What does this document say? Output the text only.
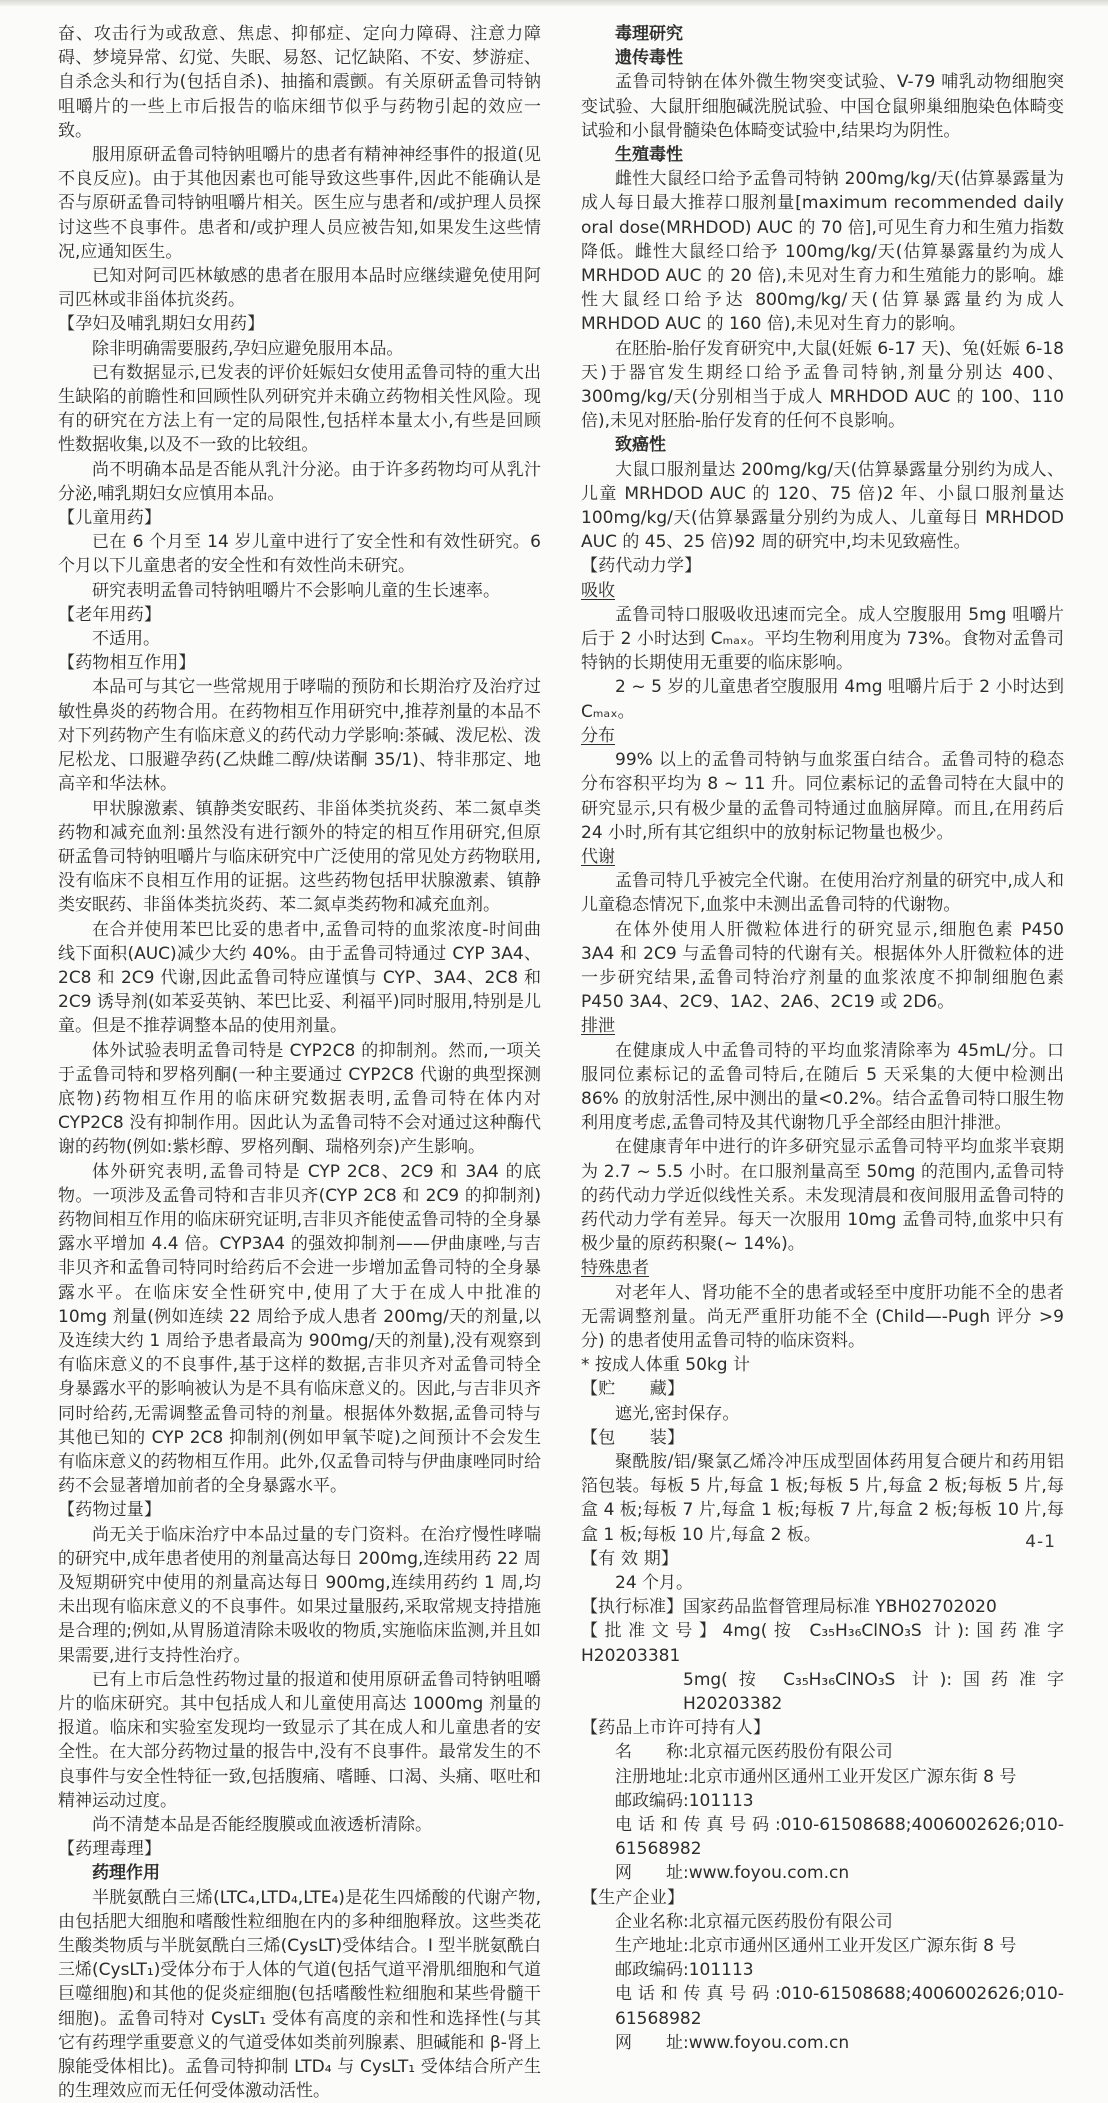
奋、攻击行为或敌意、焦虑、抑郁症、定向力障碍、注意力障碍、梦境异常、幻觉、失眠、易怒、记忆缺陷、不安、梦游症、自杀念头和行为(包括自杀)、抽搐和震颤。有关原研孟鲁司特钠咀嚼片的一些上市后报告的临床细节似乎与药物引起的效应一致。

服用原研孟鲁司特钠咀嚼片的患者有精神神经事件的报道(见不良反应)。由于其他因素也可能导致这些事件,因此不能确认是否与原研孟鲁司特钠咀嚼片相关。医生应与患者和/或护理人员探讨这些不良事件。患者和/或护理人员应被告知,如果发生这些情况,应通知医生。

已知对阿司匹林敏感的患者在服用本品时应继续避免使用阿司匹林或非甾体抗炎药。

【孕妇及哺乳期妇女用药】

除非明确需要服药,孕妇应避免服用本品。

已有数据显示,已发表的评价妊娠妇女使用孟鲁司特的重大出生缺陷的前瞻性和回顾性队列研究并未确立药物相关性风险。现有的研究在方法上有一定的局限性,包括样本量太小,有些是回顾性数据收集,以及不一致的比较组。

尚不明确本品是否能从乳汁分泌。由于许多药物均可从乳汁分泌,哺乳期妇女应慎用本品。

【儿童用药】

已在 6 个月至 14 岁儿童中进行了安全性和有效性研究。6 个月以下儿童患者的安全性和有效性尚未研究。

研究表明孟鲁司特钠咀嚼片不会影响儿童的生长速率。

【老年用药】

不适用。

【药物相互作用】

本品可与其它一些常规用于哮喘的预防和长期治疗及治疗过敏性鼻炎的药物合用。在药物相互作用研究中,推荐剂量的本品不对下列药物产生有临床意义的药代动力学影响:茶碱、泼尼松、泼尼松龙、口服避孕药(乙炔雌二醇/炔诺酮 35/1)、特非那定、地高辛和华法林。

甲状腺激素、镇静类安眠药、非甾体类抗炎药、苯二氮卓类药物和减充血剂:虽然没有进行额外的特定的相互作用研究,但原研孟鲁司特钠咀嚼片与临床研究中广泛使用的常见处方药物联用,没有临床不良相互作用的证据。这些药物包括甲状腺激素、镇静类安眠药、非甾体类抗炎药、苯二氮卓类药物和减充血剂。

在合并使用苯巴比妥的患者中,孟鲁司特的血浆浓度-时间曲线下面积(AUC)减少大约 40%。由于孟鲁司特通过 CYP 3A4、2C8 和 2C9 代谢,因此孟鲁司特应谨慎与 CYP、3A4、2C8 和 2C9 诱导剂(如苯妥英钠、苯巴比妥、利福平)同时服用,特别是儿童。但是不推荐调整本品的使用剂量。

体外试验表明孟鲁司特是 CYP2C8 的抑制剂。然而,一项关于孟鲁司特和罗格列酮(一种主要通过 CYP2C8 代谢的典型探测底物)药物相互作用的临床研究数据表明,孟鲁司特在体内对 CYP2C8 没有抑制作用。因此认为孟鲁司特不会对通过这种酶代谢的药物(例如:紫杉醇、罗格列酮、瑞格列奈)产生影响。

体外研究表明,孟鲁司特是 CYP 2C8、2C9 和 3A4 的底物。一项涉及孟鲁司特和吉非贝齐(CYP 2C8 和 2C9 的抑制剂)药物间相互作用的临床研究证明,吉非贝齐能使孟鲁司特的全身暴露水平增加 4.4 倍。CYP3A4 的强效抑制剂——伊曲康唑,与吉非贝齐和孟鲁司特同时给药后不会进一步增加孟鲁司特的全身暴露水平。在临床安全性研究中,使用了大于在成人中批准的 10mg 剂量(例如连续 22 周给予成人患者 200mg/天的剂量,以及连续大约 1 周给予患者最高为 900mg/天的剂量),没有观察到有临床意义的不良事件,基于这样的数据,吉非贝齐对孟鲁司特全身暴露水平的影响被认为是不具有临床意义的。因此,与吉非贝齐同时给药,无需调整孟鲁司特的剂量。根据体外数据,孟鲁司特与其他已知的 CYP 2C8 抑制剂(例如甲氧苄啶)之间预计不会发生有临床意义的药物相互作用。此外,仅孟鲁司特与伊曲康唑同时给药不会显著增加前者的全身暴露水平。

【药物过量】

尚无关于临床治疗中本品过量的专门资料。在治疗慢性哮喘的研究中,成年患者使用的剂量高达每日 200mg,连续用药 22 周及短期研究中使用的剂量高达每日 900mg,连续用药约 1 周,均未出现有临床意义的不良事件。如果过量服药,采取常规支持措施是合理的;例如,从胃肠道清除未吸收的物质,实施临床监测,并且如果需要,进行支持性治疗。

已有上市后急性药物过量的报道和使用原研孟鲁司特钠咀嚼片的临床研究。其中包括成人和儿童使用高达 1000mg 剂量的报道。临床和实验室发现均一致显示了其在成人和儿童患者的安全性。在大部分药物过量的报告中,没有不良事件。最常发生的不良事件与安全性特征一致,包括腹痛、嗜睡、口渴、头痛、呕吐和精神运动过度。

尚不清楚本品是否能经腹膜或血液透析清除。

【药理毒理】

药理作用

半胱氨酰白三烯(LTC₄,LTD₄,LTE₄)是花生四烯酸的代谢产物,由包括肥大细胞和嗜酸性粒细胞在内的多种细胞释放。这些类花生酸类物质与半胱氨酰白三烯(CysLT)受体结合。I 型半胱氨酰白三烯(CysLT₁)受体分布于人体的气道(包括气道平滑肌细胞和气道巨噬细胞)和其他的促炎症细胞(包括嗜酸性粒细胞和某些骨髓干细胞)。孟鲁司特对 CysLT₁ 受体有高度的亲和性和选择性(与其它有药理学重要意义的气道受体如类前列腺素、胆碱能和 β-肾上腺能受体相比)。孟鲁司特抑制 LTD₄ 与 CysLT₁ 受体结合所产生的生理效应而无任何受体激动活性。

毒理研究

遗传毒性

孟鲁司特钠在体外微生物突变试验、V-79 哺乳动物细胞突变试验、大鼠肝细胞碱洗脱试验、中国仓鼠卵巢细胞染色体畸变试验和小鼠骨髓染色体畸变试验中,结果均为阴性。

生殖毒性

雌性大鼠经口给予孟鲁司特钠 200mg/kg/天(估算暴露量为成人每日最大推荐口服剂量[maximum recommended daily oral dose(MRHDOD) AUC 的 70 倍],可见生育力和生殖力指数降低。雌性大鼠经口给予 100mg/kg/天(估算暴露量约为成人 MRHDOD AUC 的 20 倍),未见对生育力和生殖能力的影响。雄性大鼠经口给予达 800mg/kg/天(估算暴露量约为成人 MRHDOD AUC 的 160 倍),未见对生育力的影响。

在胚胎-胎仔发育研究中,大鼠(妊娠 6-17 天)、兔(妊娠 6-18 天)于器官发生期经口给予孟鲁司特钠,剂量分别达 400、300mg/kg/天(分别相当于成人 MRHDOD AUC 的 100、110 倍),未见对胚胎-胎仔发育的任何不良影响。

致癌性

大鼠口服剂量达 200mg/kg/天(估算暴露量分别约为成人、儿童 MRHDOD AUC 的 120、75 倍)2 年、小鼠口服剂量达 100mg/kg/天(估算暴露量分别约为成人、儿童每日 MRHDOD AUC 的 45、25 倍)92 周的研究中,均未见致癌性。

【药代动力学】

吸收

孟鲁司特口服吸收迅速而完全。成人空腹服用 5mg 咀嚼片后于 2 小时达到 Cₘₐₓ。平均生物利用度为 73%。食物对孟鲁司特钠的长期使用无重要的临床影响。

2 ~ 5 岁的儿童患者空腹服用 4mg 咀嚼片后于 2 小时达到 Cₘₐₓ。

分布

99% 以上的孟鲁司特钠与血浆蛋白结合。孟鲁司特的稳态分布容积平均为 8 ~ 11 升。同位素标记的孟鲁司特在大鼠中的研究显示,只有极少量的孟鲁司特通过血脑屏障。而且,在用药后 24 小时,所有其它组织中的放射标记物量也极少。

代谢

孟鲁司特几乎被完全代谢。在使用治疗剂量的研究中,成人和儿童稳态情况下,血浆中未测出孟鲁司特的代谢物。

在体外使用人肝微粒体进行的研究显示,细胞色素 P450 3A4 和 2C9 与孟鲁司特的代谢有关。根据体外人肝微粒体的进一步研究结果,孟鲁司特治疗剂量的血浆浓度不抑制细胞色素 P450 3A4、2C9、1A2、2A6、2C19 或 2D6。

排泄

在健康成人中孟鲁司特的平均血浆清除率为 45mL/分。口服同位素标记的孟鲁司特后,在随后 5 天采集的大便中检测出 86% 的放射活性,尿中测出的量<0.2%。结合孟鲁司特口服生物利用度考虑,孟鲁司特及其代谢物几乎全部经由胆汁排泄。

在健康青年中进行的许多研究显示孟鲁司特平均血浆半衰期为 2.7 ~ 5.5 小时。在口服剂量高至 50mg 的范围内,孟鲁司特的药代动力学近似线性关系。未发现清晨和夜间服用孟鲁司特的药代动力学有差异。每天一次服用 10mg 孟鲁司特,血浆中只有极少量的原药积聚(~ 14%)。

特殊患者

对老年人、肾功能不全的患者或轻至中度肝功能不全的患者无需调整剂量。尚无严重肝功能不全 (Child—-Pugh 评分 >9 分) 的患者使用孟鲁司特的临床资料。

* 按成人体重 50kg 计

【贮　　藏】

遮光,密封保存。

【包　　装】

聚酰胺/铝/聚氯乙烯冷冲压成型固体药用复合硬片和药用铝箔包装。每板 5 片,每盒 1 板;每板 5 片,每盒 2 板;每板 5 片,每盒 4 板;每板 7 片,每盒 1 板;每板 7 片,每盒 2 板;每板 10 片,每盒 1 板;每板 10 片,每盒 2 板。

【有 效 期】

24 个月。

【执行标准】国家药品监督管理局标准 YBH02702020

【批准文号】4mg(按 C₃₅H₃₆ClNO₃S 计):国药准字 H20203381

5mg(按 C₃₅H₃₆ClNO₃S 计):国药准字 H20203382

【药品上市许可持有人】

名　　称:北京福元医药股份有限公司

注册地址:北京市通州区通州工业开发区广源东街 8 号

邮政编码:101113

电话和传真号码:010-61508688;4006002626;010-61568982

网　　址:www.foyou.com.cn

【生产企业】

企业名称:北京福元医药股份有限公司

生产地址:北京市通州区通州工业开发区广源东街 8 号

邮政编码:101113

电话和传真号码:010-61508688;4006002626;010-61568982

网　　址:www.foyou.com.cn

4-1
